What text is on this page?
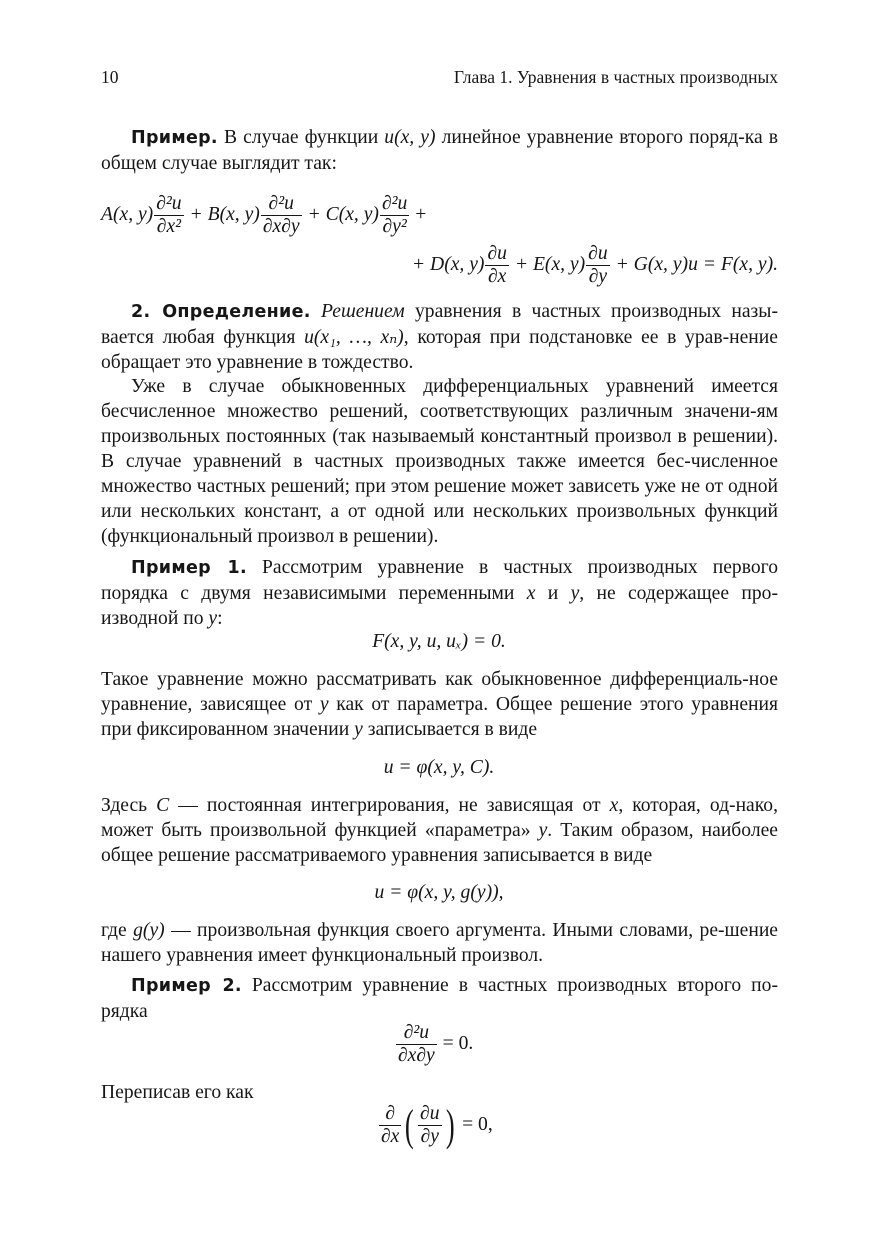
10	Глава 1. Уравнения в частных производных
Пример. В случае функции u(x, y) линейное уравнение второго поряд-ка в общем случае выглядит так:
A(x, $y) \frac{\text{∂²u}}{\text{∂x²}} + B(x$, $y) \frac{\text{∂²u}}{\partial x\partial y} + C(x$, $y) \frac{\text{∂²u}}{\text{∂y²}}$ +
+ D(x, $y) \frac{\partial u}{\partial x} + E(x$, $y) \frac{\partial u}{\partial y} + G(x$, y)u = F(x, y).
2. Определение. Решением уравнения в частных производных назы-вается любая функция u(x₁, …, xₙ), которая при подстановке ее в урав-нение обращает это уравнение в тождество.
Уже в случае обыкновенных дифференциальных уравнений имеется бесчисленное множество решений, соответствующих различным значени-ям произвольных постоянных (так называемый константный произвол в решении). В случае уравнений в частных производных также имеется бес-численное множество частных решений; при этом решение может зависеть уже не от одной или нескольких констант, а от одной или нескольких произвольных функций (функциональный произвол в решении).
Пример 1. Рассмотрим уравнение в частных производных первого порядка с двумя независимыми переменными x и y, не содержащее про-изводной по y:
F(x, y, u, uₓ) = 0.
Такое уравнение можно рассматривать как обыкновенное дифференциаль-ное уравнение, зависящее от y как от параметра. Общее решение этого уравнения при фиксированном значении y записывается в виде
u = φ(x, y, C).
Здесь C — постоянная интегрирования, не зависящая от x, которая, од-нако, может быть произвольной функцией «параметра» y. Таким образом, наиболее общее решение рассматриваемого уравнения записывается в виде
u = φ(x, y, g(y)),
где g(y) — произвольная функция своего аргумента. Иными словами, ре-шение нашего уравнения имеет функциональный произвол.
Пример 2. Рассмотрим уравнение в частных производных второго по-рядка
$\frac{\text{∂²u}}{\partial x\partial y} = 0$.
Переписав его как
$\frac{\partial}{\partial x}$ ( $\frac{\partial u}{\partial y}$ ) = 0,
